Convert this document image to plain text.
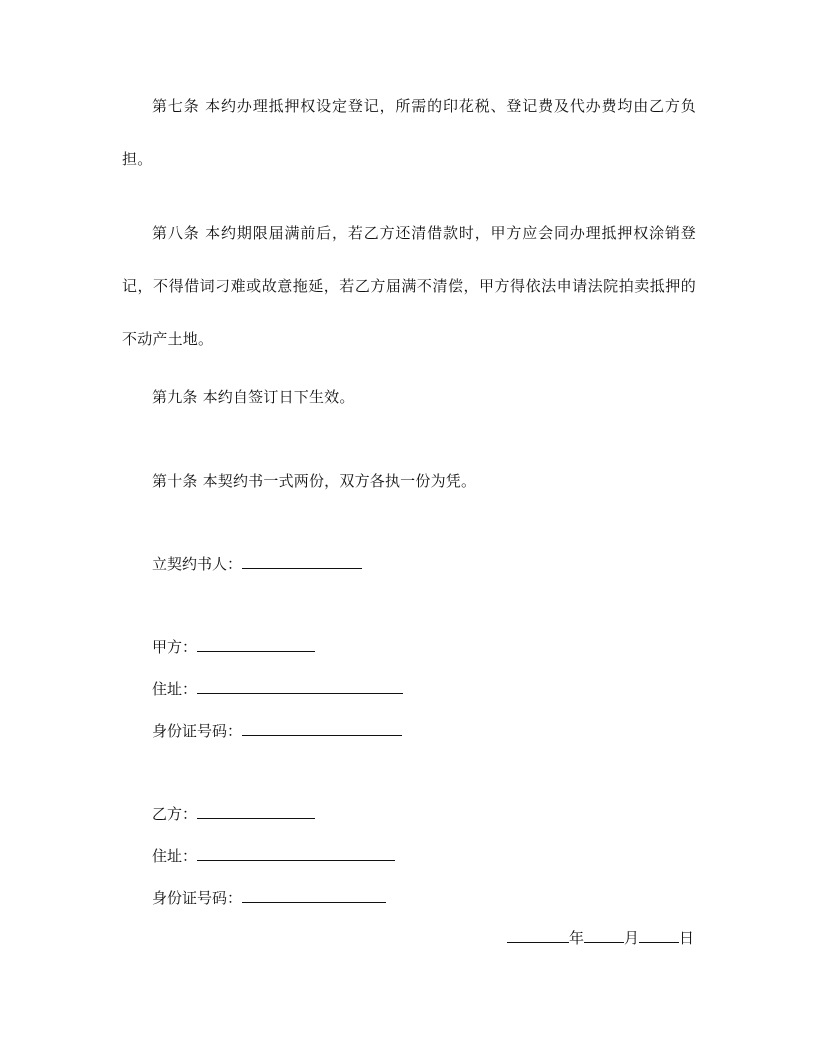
第七条 本约办理抵押权设定登记，所需的印花税、登记费及代办费均由乙方负担。

第八条 本约期限届满前后，若乙方还清借款时，甲方应会同办理抵押权涂销登记，不得借词刁难或故意拖延，若乙方届满不清偿，甲方得依法申请法院拍卖抵押的不动产土地。

第九条 本约自签订日下生效。

第十条 本契约书一式两份，双方各执一份为凭。

立契约书人：
甲方：
住址：
身份证号码：
乙方：
住址：
身份证号码：
年	月	日
